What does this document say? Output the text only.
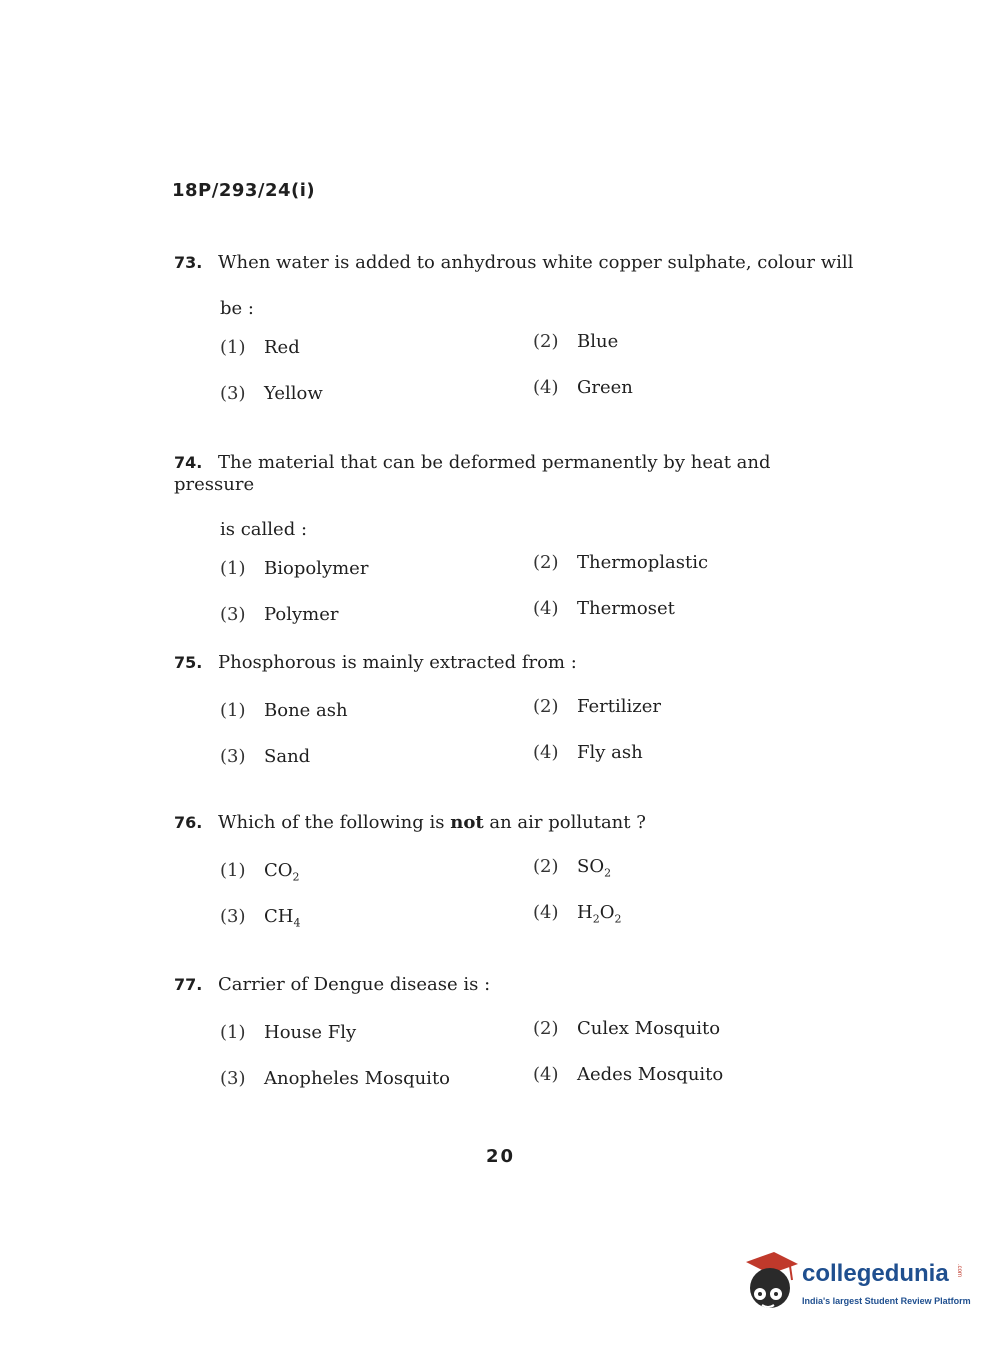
18P/293/24(i)
73. When water is added to anhydrous white copper sulphate, colour will
be :
(1) Red	(2) Blue
(3) Yellow	(4) Green
74. The material that can be deformed permanently by heat and pressure
is called :
(1) Biopolymer	(2) Thermoplastic
(3) Polymer	(4) Thermoset
75. Phosphorous is mainly extracted from :
(1) Bone ash	(2) Fertilizer
(3) Sand	(4) Fly ash
76. Which of the following is not an air pollutant ?
(1) $CO_2$
(2) $SO_2$
(3) $CH_4$
(4) $H_2O_2$
77. Carrier of Dengue disease is :
(1) House Fly	(2) Culex Mosquito
(3) Anopheles Mosquito	(4) Aedes Mosquito
20
collegedunia .com
India's largest Student Review Platform
